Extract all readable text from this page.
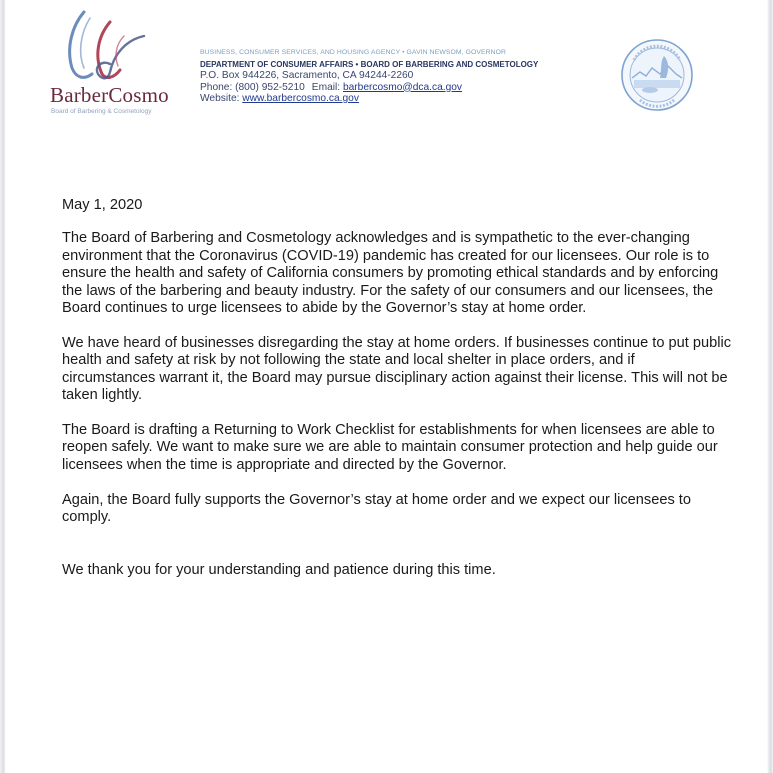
BarberCosmo
Board of Barbering & Cosmetology
BUSINESS, CONSUMER SERVICES, AND HOUSING AGENCY • GAVIN NEWSOM, GOVERNOR
DEPARTMENT OF CONSUMER AFFAIRS • BOARD OF BARBERING AND COSMETOLOGY
P.O. Box 944226, Sacramento, CA 94244-2260
Phone: (800) 952-5210 Email: barbercosmo@dca.ca.gov
Website: www.barbercosmo.ca.gov
May 1, 2020

The Board of Barbering and Cosmetology acknowledges and is sympathetic to the ever-changing environment that the Coronavirus (COVID-19) pandemic has created for our licensees. Our role is to ensure the health and safety of California consumers by promoting ethical standards and by enforcing the laws of the barbering and beauty industry. For the safety of our consumers and our licensees, the Board continues to urge licensees to abide by the Governor’s stay at home order.

We have heard of businesses disregarding the stay at home orders. If businesses continue to put public health and safety at risk by not following the state and local shelter in place orders, and if circumstances warrant it, the Board may pursue disciplinary action against their license. This will not be taken lightly.

The Board is drafting a Returning to Work Checklist for establishments for when licensees are able to reopen safely. We want to make sure we are able to maintain consumer protection and help guide our licensees when the time is appropriate and directed by the Governor.

Again, the Board fully supports the Governor’s stay at home order and we expect our licensees to comply.

We thank you for your understanding and patience during this time.
